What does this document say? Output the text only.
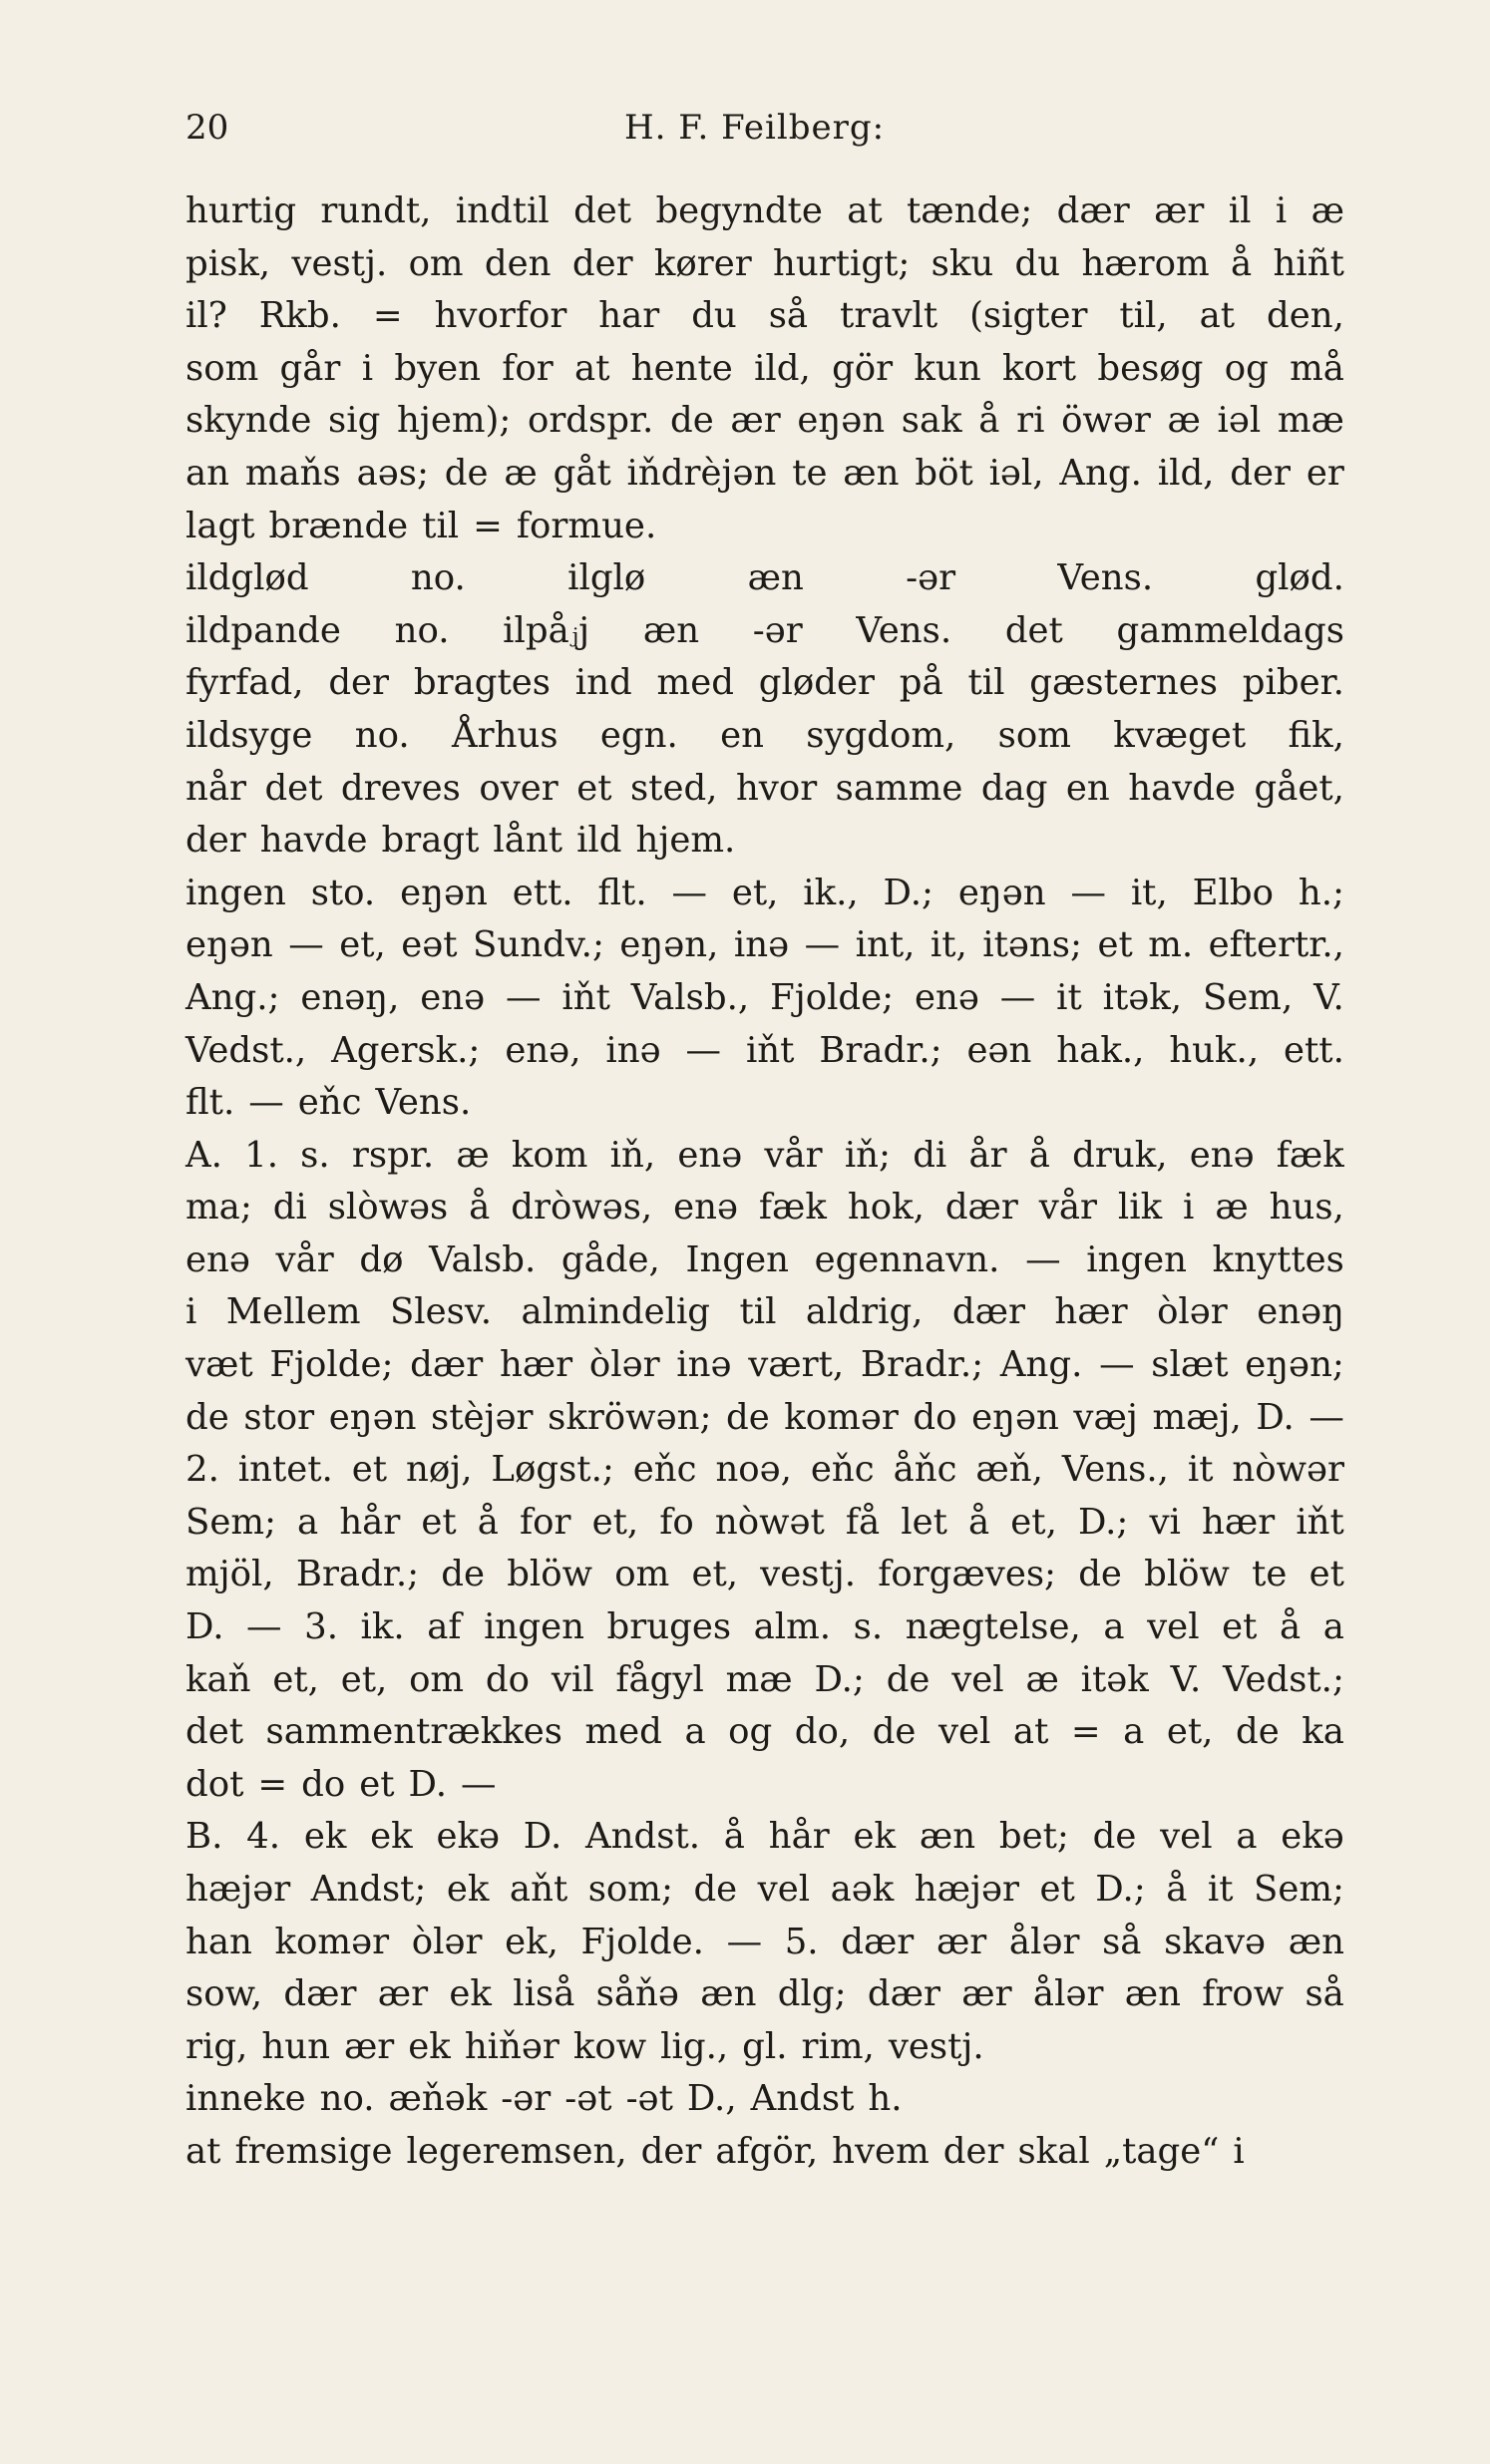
20	H. F. Feilberg:
hurtig rundt, indtil det begyndte at tænde; dær ær il i æ
pisk, vestj. om den der kører hurtigt; sku du hærom å hiñt
il? Rkb. = hvorfor har du så travlt (sigter til, at den,
som går i byen for at hente ild, gör kun kort besøg og må
skynde sig hjem); ordspr. de ær eŋən sak å ri öwər æ iəl mæ
an maňs aəs; de æ gåt iňdrèjən te æn böt iəl, Ang. ild, der er
lagt brænde til = formue.
ildglød	no.	ilglø	æn	-ər	Vens.	glød.
ildpande no. ilpåⱼj æn -ər Vens. det gammeldags
fyrfad, der bragtes ind med gløder på til gæsternes piber.
ildsyge no. Århus egn. en sygdom, som kvæget fik,
når det dreves over et sted, hvor samme dag en havde gået,
der havde bragt lånt ild hjem.
ingen sto. eŋən ett. flt. — et, ik., D.; eŋən — it, Elbo h.;
eŋən — et, eət Sundv.; eŋən, inə — int, it, itəns; et m. eftertr.,
Ang.; enəŋ, enə — iňt Valsb., Fjolde; enə — it itək, Sem, V.
Vedst., Agersk.; enə, inə — iňt Bradr.; eən hak., huk., ett.
flt. — eňc Vens.
A. 1. s. rspr. æ kom iň, enə vår iň; di år å druk, enə fæk
ma; di slòwəs å dròwəs, enə fæk hok, dær vår lik i æ hus,
enə vår dø Valsb. gåde, Ingen egennavn. — ingen knyttes
i Mellem Slesv. almindelig til aldrig, dær hær òlər enəŋ
væt Fjolde; dær hær òlər inə vært, Bradr.; Ang. — slæt eŋən;
de stor eŋən stèjər skröwən; de komər do eŋən væj mæj, D. —
2. intet. et nøj, Løgst.; eňc noə, eňc åňc æň, Vens., it nòwər
Sem; a hår et å for et, fo nòwət få let å et, D.; vi hær iňt
mjöl, Bradr.; de blöw om et, vestj. forgæves; de blöw te et
D. — 3. ik. af ingen bruges alm. s. nægtelse, a vel et å a
kaň et, et, om do vil fågyl mæ D.; de vel æ itək V. Vedst.;
det sammentrækkes med a og do, de vel at = a et, de ka
dot = do et D. —
B. 4. ek ek ekə D. Andst. å hår ek æn bet; de vel a ekə
hæjər Andst; ek aňt som; de vel aək hæjər et D.; å it Sem;
han komər òlər ek, Fjolde. — 5. dær ær ålər så skavə æn
sow, dær ær ek liså såňə æn dlg; dær ær ålər æn frow så
rig, hun ær ek hiňər kow lig., gl. rim, vestj.
inneke no. æňək -ər -ət -ət D., Andst h.
at fremsige legeremsen, der afgör, hvem der skal „tage“ i
